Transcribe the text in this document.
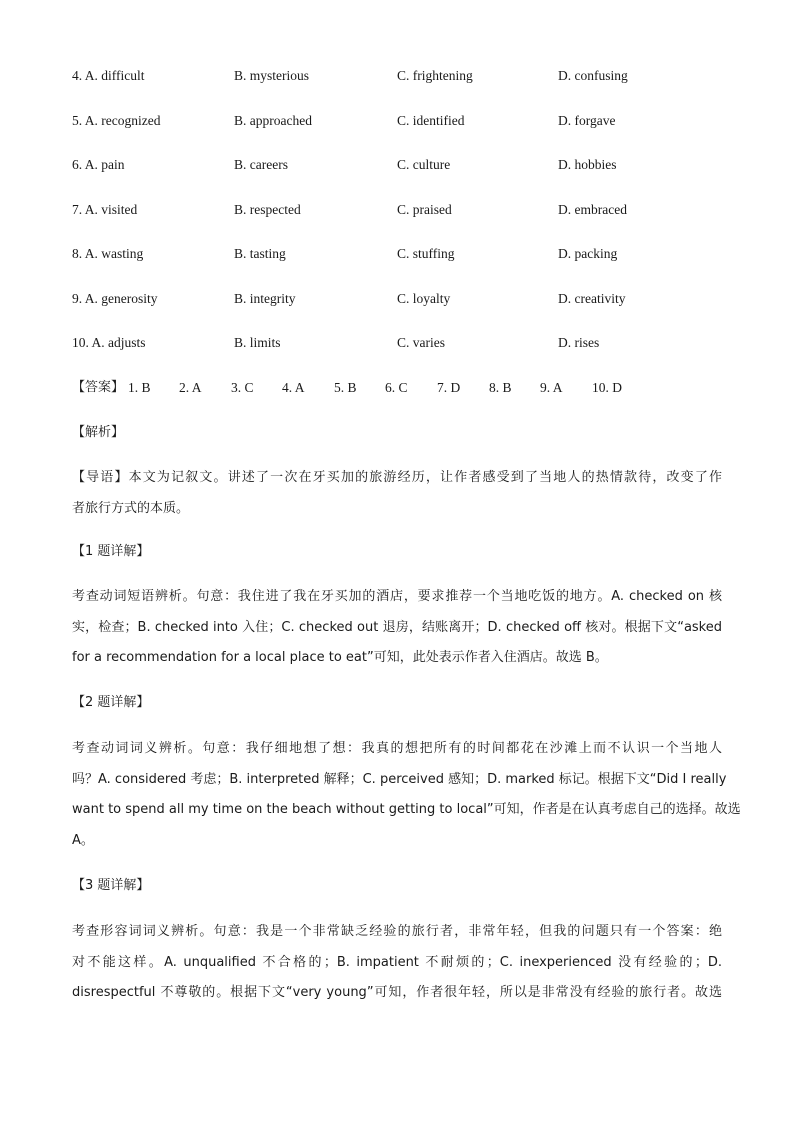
4. A. difficult	B. mysterious	C. frightening	D. confusing
5. A. recognized	B. approached	C. identified	D. forgave
6. A. pain	B. careers	C. culture	D. hobbies
7. A. visited	B. respected	C. praised	D. embraced
8. A. wasting	B. tasting	C. stuffing	D. packing
9. A. generosity	B. integrity	C. loyalty	D. creativity
10. A. adjusts	B. limits	C. varies	D. rises
【答案】 1. B 2. A 3. C 4. A 5. B 6. C 7. D 8. B 9. A 10. D
【解析】
【导语】本文为记叙文。讲述了一次在牙买加的旅游经历，让作者感受到了当地人的热情款待，改变了作
者旅行方式的本质。
【1 题详解】
考查动词短语辨析。句意：我住进了我在牙买加的酒店，要求推荐一个当地吃饭的地方。A. checked on 核
实，检查；B. checked into 入住；C. checked out 退房，结账离开；D. checked off 核对。根据下文“asked
for a recommendation for a local place to eat”可知，此处表示作者入住酒店。故选 B。
【2 题详解】
考查动词词义辨析。句意：我仔细地想了想：我真的想把所有的时间都花在沙滩上而不认识一个当地人
吗？A. considered 考虑；B. interpreted 解释；C. perceived 感知；D. marked 标记。根据下文“Did I really
want to spend all my time on the beach without getting to local”可知，作者是在认真考虑自己的选择。故选
A。
【3 题详解】
考查形容词词义辨析。句意：我是一个非常缺乏经验的旅行者，非常年轻，但我的问题只有一个答案：绝
对不能这样。A. unqualified 不合格的；B. impatient 不耐烦的；C. inexperienced 没有经验的；D.
disrespectful 不尊敬的。根据下文“very young”可知，作者很年轻，所以是非常没有经验的旅行者。故选
